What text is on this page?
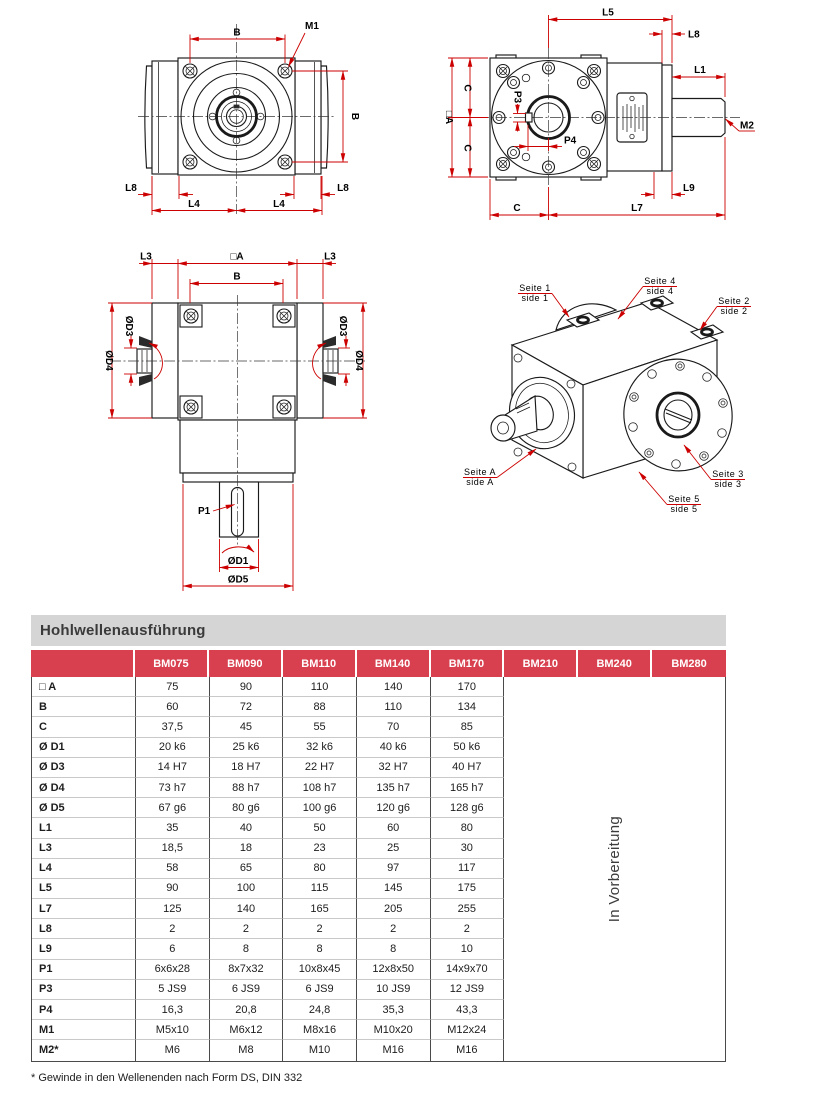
B
M1
B
L8	L8
L4	L4
P3
P4
L5
L8
L1
M2
□A
C
C
L9
C	L7
L3	□A	L3
B
ØD3
ØD4
ØD3
ØD4
P1
ØD1
ØD5
Seite 1
side 1
Seite 4
side 4
Seite 2
side 2
Seite A
side A
Seite 3
side 3
Seite 5
side 5
Hohlwellenausführung
BM075	BM090	BM110	BM140	BM170	BM210	BM240	BM280
□ A	75	90	110	140	170
In Vorbereitung
B	60	72	88	110	134
C	37,5	45	55	70	85
Ø D1	20 k6	25 k6	32 k6	40 k6	50 k6
Ø D3	14 H7	18 H7	22 H7	32 H7	40 H7
Ø D4	73 h7	88 h7	108 h7	135 h7	165 h7
Ø D5	67 g6	80 g6	100 g6	120 g6	128 g6
L1	35	40	50	60	80
L3	18,5	18	23	25	30
L4	58	65	80	97	117
L5	90	100	115	145	175
L7	125	140	165	205	255
L8	2	2	2	2	2
L9	6	8	8	8	10
P1	6x6x28	8x7x32	10x8x45	12x8x50	14x9x70
P3	5 JS9	6 JS9	6 JS9	10 JS9	12 JS9
P4	16,3	20,8	24,8	35,3	43,3
M1	M5x10	M6x12	M8x16	M10x20	M12x24
M2*	M6	M8	M10	M16	M16
* Gewinde in den Wellenenden nach Form DS, DIN 332
